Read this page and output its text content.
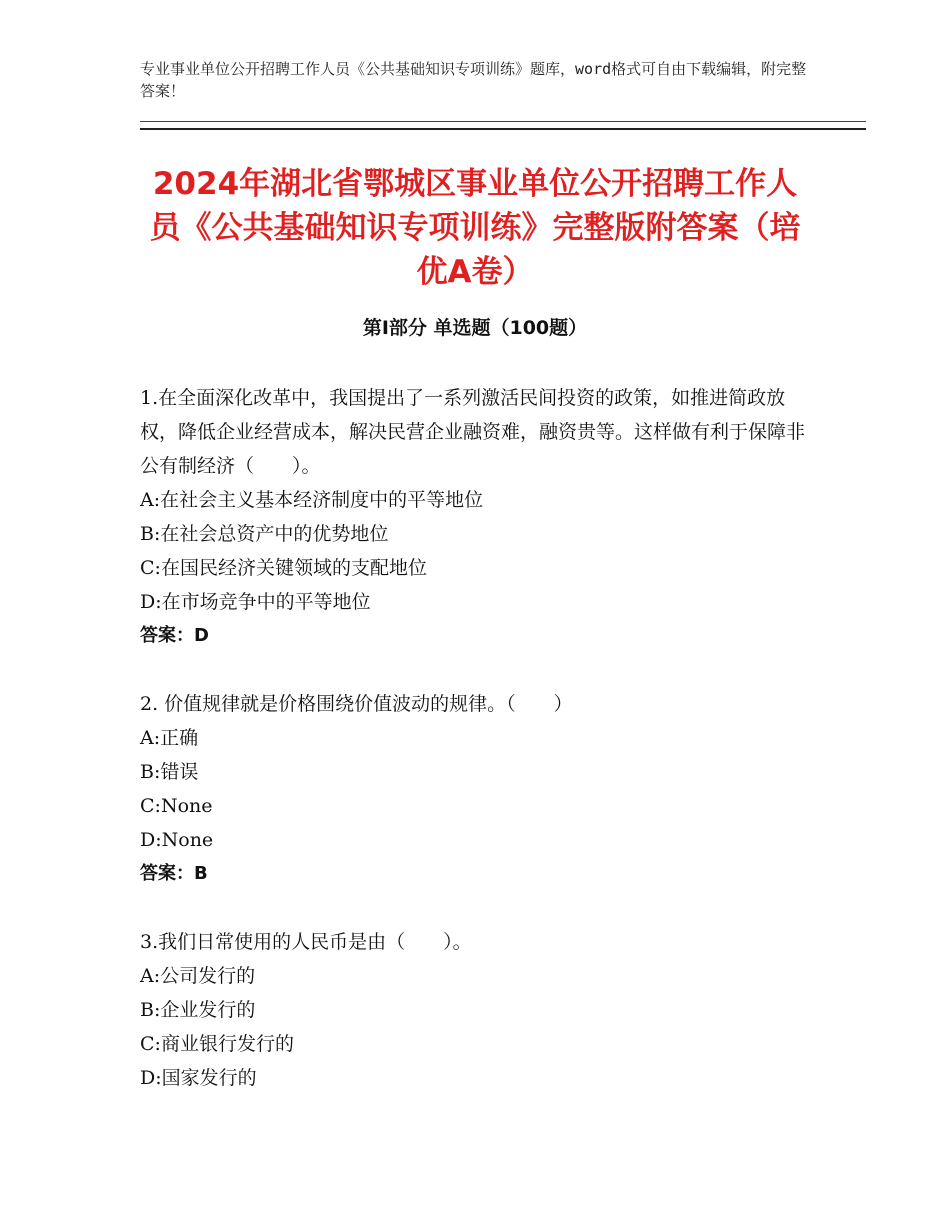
专业事业单位公开招聘工作人员《公共基础知识专项训练》题库，word格式可自由下载编辑，附完整答案！
2024年湖北省鄂城区事业单位公开招聘工作人员《公共基础知识专项训练》完整版附答案（培优A卷）
第I部分 单选题（100题）

1.在全面深化改革中，我国提出了一系列激活民间投资的政策，如推进简政放权，降低企业经营成本，解决民营企业融资难，融资贵等。这样做有利于保障非公有制经济（　　）。

A:在社会主义基本经济制度中的平等地位

B:在社会总资产中的优势地位

C:在国民经济关键领域的支配地位

D:在市场竞争中的平等地位

答案：D

2. 价值规律就是价格围绕价值波动的规律。（　　）

A:正确

B:错误

C:None

D:None

答案：B

3.我们日常使用的人民币是由（　　）。

A:公司发行的

B:企业发行的

C:商业银行发行的

D:国家发行的
